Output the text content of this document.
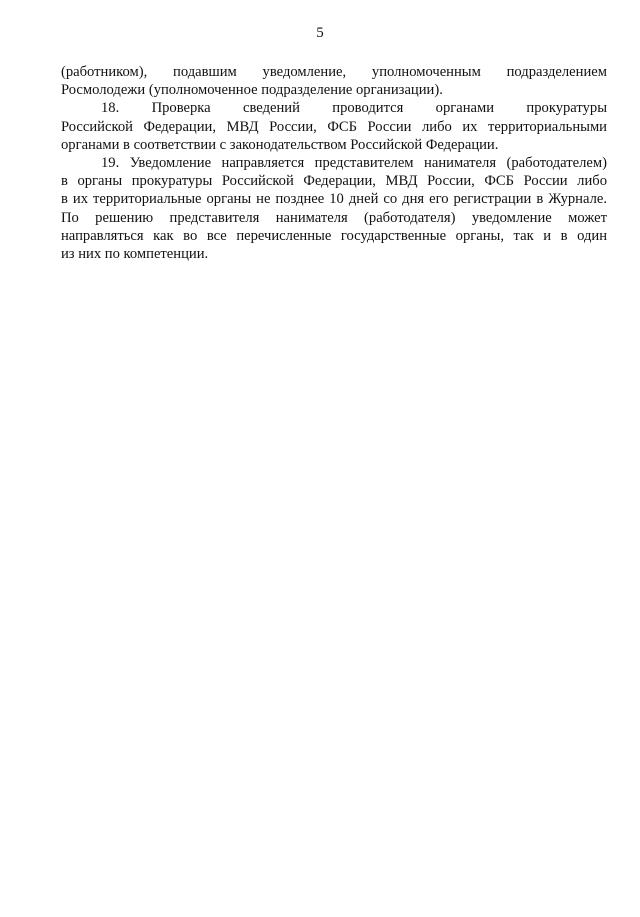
5
(работником), подавшим уведомление, уполномоченным подразделением
Росмолодежи (уполномоченное подразделение организации).
18. Проверка сведений проводится органами прокуратуры
Российской Федерации, МВД России, ФСБ России либо их территориальными
органами в соответствии с законодательством Российской Федерации.
19. Уведомление направляется представителем нанимателя (работодателем)
в органы прокуратуры Российской Федерации, МВД России, ФСБ России либо
в их территориальные органы не позднее 10 дней со дня его регистрации в Журнале.
По решению представителя нанимателя (работодателя) уведомление может
направляться как во все перечисленные государственные органы, так и в один
из них по компетенции.
